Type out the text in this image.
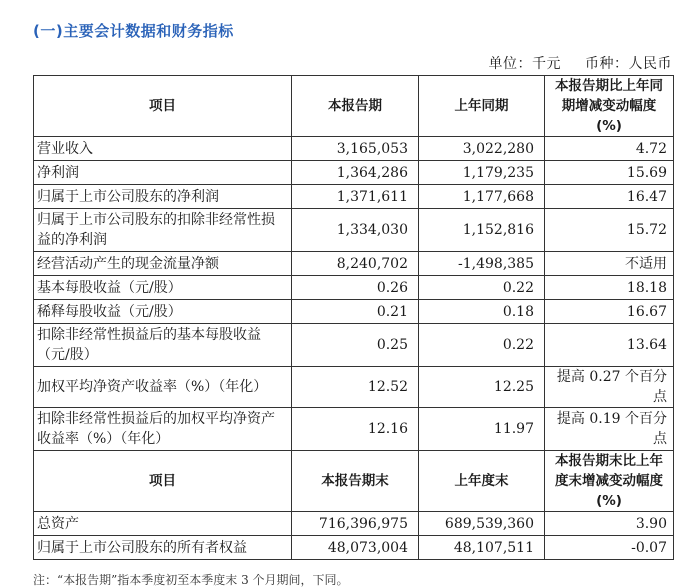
(一)主要会计数据和财务指标
单位：千元 币种：人民币
项目	本报告期	上年同期	本报告期比上年同期增减变动幅度(%)
营业收入	3,165,053	3,022,280	4.72
净利润	1,364,286	1,179,235	15.69
归属于上市公司股东的净利润	1,371,611	1,177,668	16.47
归属于上市公司股东的扣除非经常性损益的净利润	1,334,030	1,152,816	15.72
经营活动产生的现金流量净额	8,240,702	-1,498,385	不适用
基本每股收益（元/股）	0.26	0.22	18.18
稀释每股收益（元/股）	0.21	0.18	16.67
扣除非经常性损益后的基本每股收益（元/股）	0.25	0.22	13.64
加权平均净资产收益率（%）（年化）	12.52	12.25	提高 0.27 个百分点
扣除非经常性损益后的加权平均净资产收益率（%）（年化）	12.16	11.97	提高 0.19 个百分点
项目	本报告期末	上年度末	本报告期末比上年度末增减变动幅度(%)
总资产	716,396,975	689,539,360	3.90
归属于上市公司股东的所有者权益	48,073,004	48,107,511	-0.07
注：“本报告期”指本季度初至本季度末 3 个月期间，下同。
